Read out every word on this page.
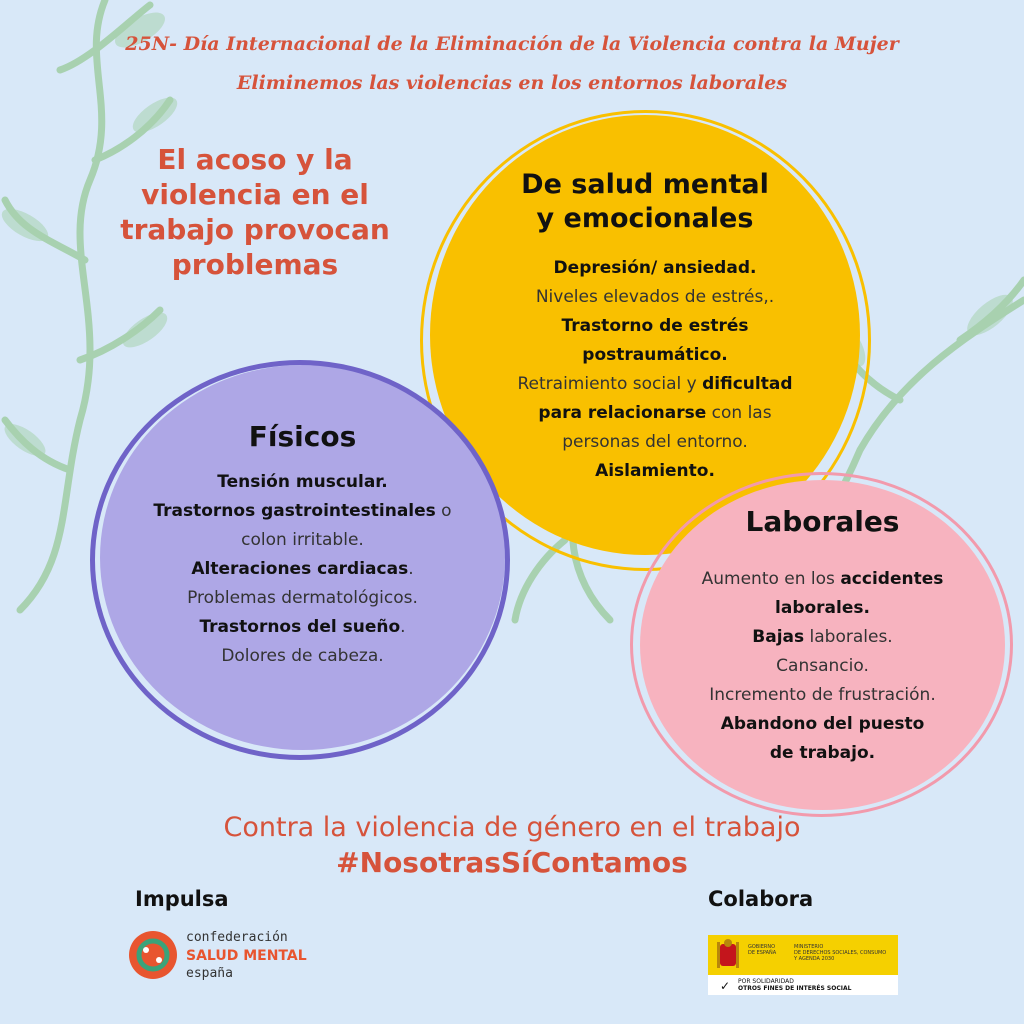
25N- Día Internacional de la Eliminación de la Violencia contra la Mujer
Eliminemos las violencias en los entornos laborales
El acoso y la
violencia en el
trabajo provocan
problemas
De salud mental
y emocionales
Depresión/ ansiedad.
Niveles elevados de estrés,.
Trastorno de estrés
postraumático.
Retraimiento social y dificultad
para relacionarse con las
personas del entorno.
Aislamiento.
Físicos
Tensión muscular.
Trastornos gastrointestinales o
colon irritable.
Alteraciones cardiacas.
Problemas dermatológicos.
Trastornos del sueño.
Dolores de cabeza.
Laborales
Aumento en los accidentes
laborales.
Bajas laborales.
Cansancio.
Incremento de frustración.
Abandono del puesto
de trabajo.
Contra la violencia de género en el trabajo
#NosotrasSíContamos
Impulsa	Colabora
confederación
SALUD MENTAL
españa
GOBIERNO
DE ESPAÑA
MINISTERIO
DE DERECHOS SOCIALES, CONSUMO
Y AGENDA 2030
POR SOLIDARIDAD
OTROS FINES DE INTERÉS SOCIAL
✓
